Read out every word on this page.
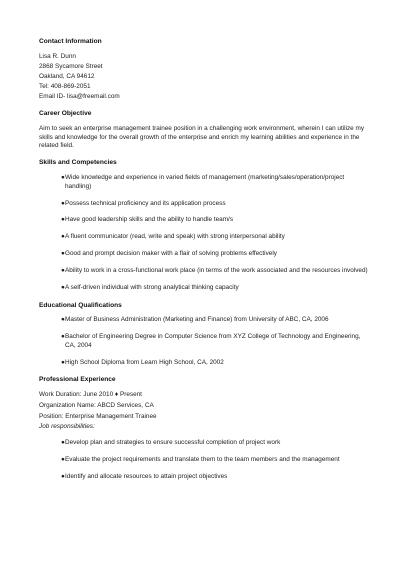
Contact Information
Lisa R. Dunn
2868 Sycamore Street
Oakland, CA 94612
Tel: 408-869-2051
Email ID- lisa@freemail.com
Career Objective

Aim to seek an enterprise management trainee position in a challenging work environment, wherein I can utilize my skills and knowledge for the overall growth of the enterprise and enrich my learning abilities and experience in the related field.

Skills and Competencies
● Wide knowledge and experience in varied fields of management (marketing/sales/operation/project handling)
● Possess technical proficiency and its application process
● Have good leadership skills and the ability to handle team/s
● A fluent communicator (read, write and speak) with strong interpersonal ability
● Good and prompt decision maker with a flair of solving problems effectively
● Ability to work in a cross-functional work place (in terms of the work associated and the resources involved)
● A self-driven individual with strong analytical thinking capacity
Educational Qualifications
● Master of Business Administration (Marketing and Finance) from University of ABC, CA, 2006
● Bachelor of Engineering Degree in Computer Science from XYZ College of Technology and Engineering, CA, 2004
● High School Diploma from Learn High School, CA, 2002
Professional Experience
Work Duration: June 2010 ♦ Present
Organization Name: ABCD Services, CA
Position: Enterprise Management Trainee
Job responsibilities:
● Develop plan and strategies to ensure successful completion of project work
● Evaluate the project requirements and translate them to the team members and the management
● Identify and allocate resources to attain project objectives
